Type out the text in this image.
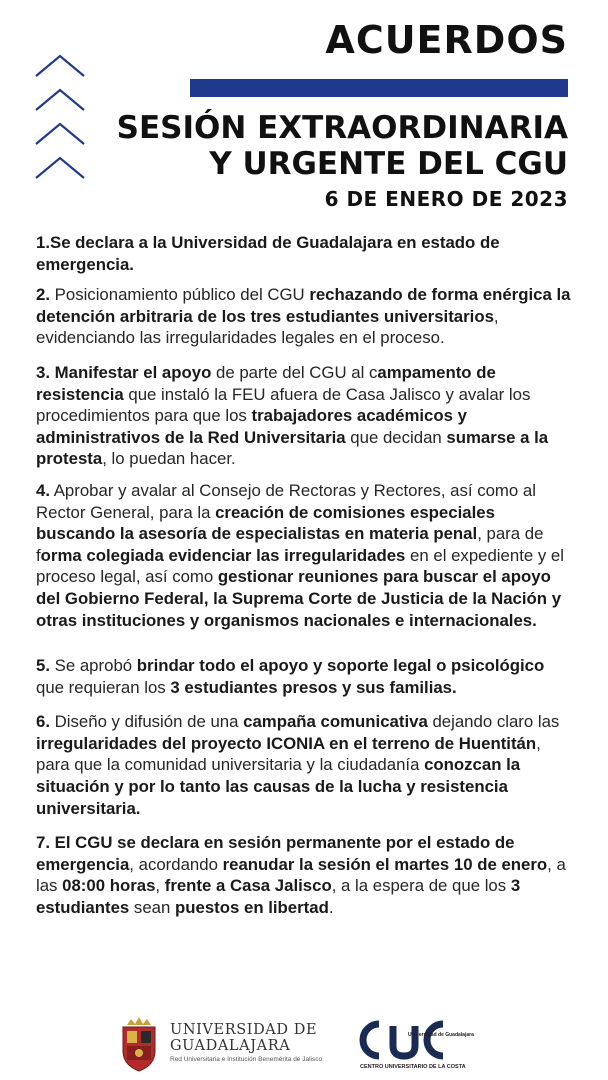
ACUERDOS
SESIÓN EXTRAORDINARIA
Y URGENTE DEL CGU
6 DE ENERO DE 2023

1.Se declara a la Universidad de Guadalajara en estado de emergencia.

2. Posicionamiento público del CGU rechazando de forma enérgica la detención arbitraria de los tres estudiantes universitarios, evidenciando las irregularidades legales en el proceso.

3. Manifestar el apoyo de parte del CGU al campamento de resistencia que instaló la FEU afuera de Casa Jalisco y avalar los procedimientos para que los trabajadores académicos y administrativos de la Red Universitaria que decidan sumarse a la protesta, lo puedan hacer.

4. Aprobar y avalar al Consejo de Rectoras y Rectores, así como al Rector General, para la creación de comisiones especiales buscando la asesoría de especialistas en materia penal, para de forma colegiada evidenciar las irregularidades en el expediente y el proceso legal, así como gestionar reuniones para buscar el apoyo del Gobierno Federal, la Suprema Corte de Justicia de la Nación y otras instituciones y organismos nacionales e internacionales.

5. Se aprobó brindar todo el apoyo y soporte legal o psicológico que requieran los 3 estudiantes presos y sus familias.

6. Diseño y difusión de una campaña comunicativa dejando claro las irregularidades del proyecto ICONIA en el terreno de Huentitán, para que la comunidad universitaria y la ciudadanía conozcan la situación y por lo tanto las causas de la lucha y resistencia universitaria.

7. El CGU se declara en sesión permanente por el estado de emergencia, acordando reanudar la sesión el martes 10 de enero, a las 08:00 horas, frente a Casa Jalisco, a la espera de que los 3 estudiantes sean puestos en libertad.

UNIVERSIDAD DE
GUADALAJARA
Red Universitaria e Institución Benemérita de Jalisco
Universidad de Guadalajara
CENTRO UNIVERSITARIO DE LA COSTA
